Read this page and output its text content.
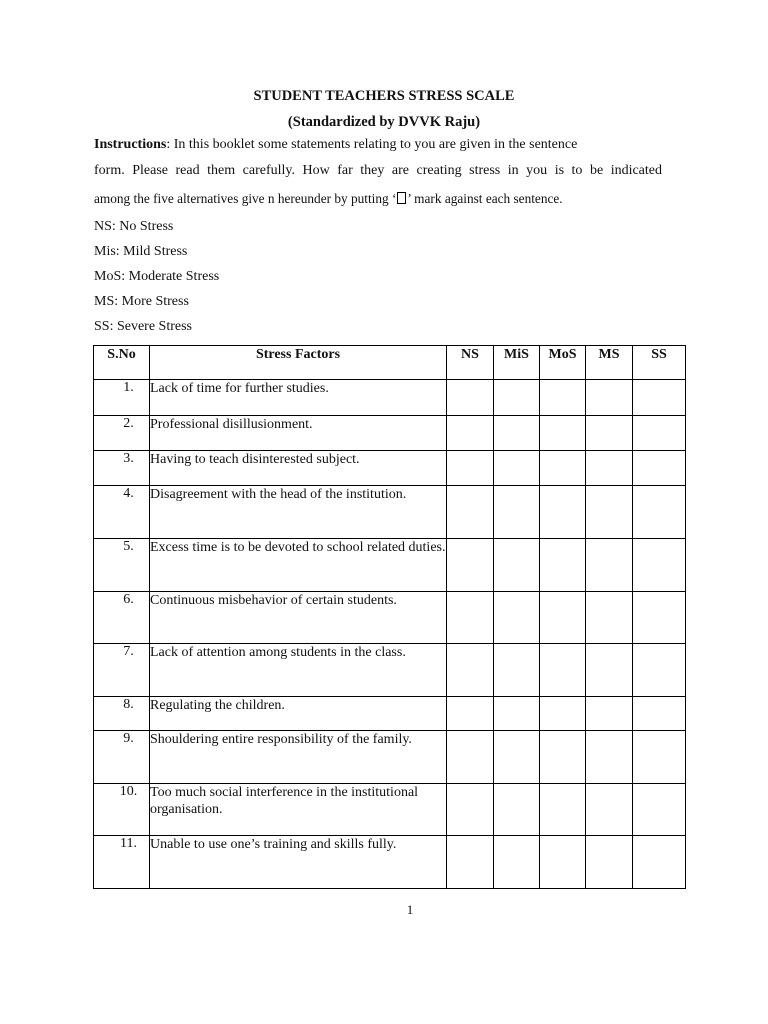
STUDENT TEACHERS STRESS SCALE
(Standardized by DVVK Raju)
Instructions: In this booklet some statements relating to you are given in the sentence
form. Please read them carefully. How far they are creating stress in you is to be indicated
among the five alternatives give n hereunder by putting ‘ ’ mark against each sentence.
NS: No Stress
Mis: Mild Stress
MoS: Moderate Stress
MS: More Stress
SS: Severe Stress
S.No	Stress Factors	NS	MiS	MoS	MS	SS
1.	Lack of time for further studies.					
2.	Professional disillusionment.					
3.	Having to teach disinterested subject.					
4.	Disagreement with the head of the institution.					
5.	Excess time is to be devoted to school related duties.					
6.	Continuous misbehavior of certain students.					
7.	Lack of attention among students in the class.					
8.	Regulating the children.					
9.	Shouldering entire responsibility of the family.					
10.	Too much social interference in the institutional organisation.					
11.	Unable to use one’s training and skills fully.					
1
